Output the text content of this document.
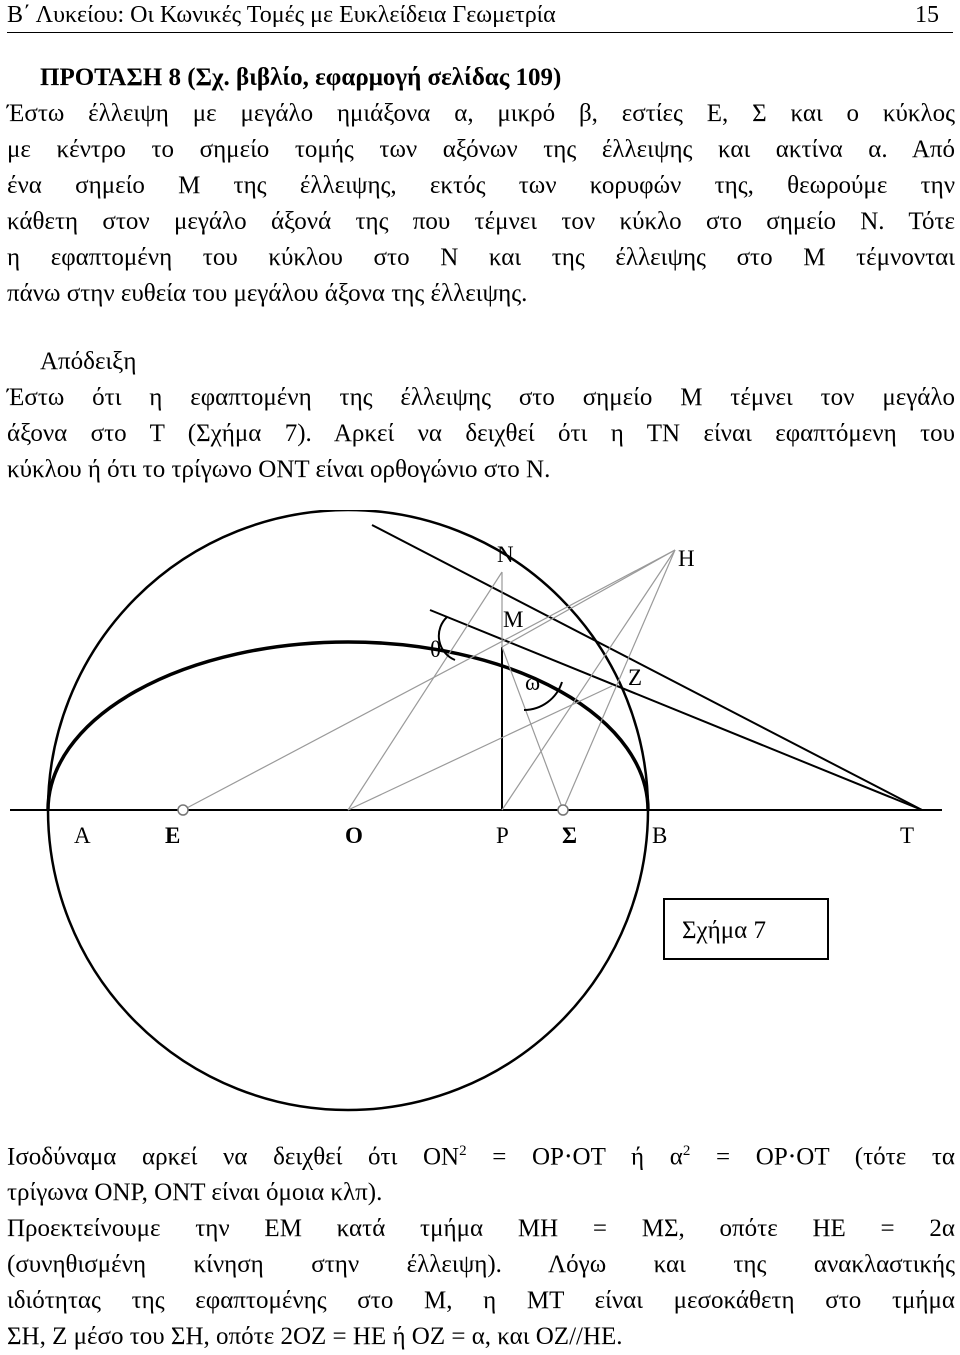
Β΄ Λυκείου: Οι Κωνικές Τομές με Ευκλείδεια Γεωμετρία	15

ΠΡΟΤΑΣΗ 8 (Σχ. βιβλίο, εφαρμογή σελίδας 109)

Έστω έλλειψη με μεγάλο ημιάξονα α, μικρό β, εστίες Ε, Σ και ο κύκλος
με κέντρο το σημείο τομής των αξόνων της έλλειψης και ακτίνα α. Από
ένα σημείο Μ της έλλειψης, εκτός των κορυφών της, θεωρούμε την
κάθετη στον μεγάλο άξονά της που τέμνει τον κύκλο στο σημείο Ν. Τότε
η εφαπτομένη του κύκλου στο Ν και της έλλειψης στο Μ τέμνονται
πάνω στην ευθεία του μεγάλου άξονα της έλλειψης.

Απόδειξη

Έστω ότι η εφαπτομένη της έλλειψης στο σημείο Μ τέμνει τον μεγάλο
άξονα στο Τ (Σχήμα 7). Αρκεί να δειχθεί ότι η ΤΝ είναι εφαπτόμενη του
κύκλου ή ότι το τρίγωνο ΟΝΤ είναι ορθογώνιο στο Ν.
Ν	Η
Μ
θ
ω	Ζ
Α	Ε	Ο	Ρ Σ	Β	Τ
Σχήμα 7
Ισοδύναμα αρκεί να δειχθεί ότι $ON^2 = OP\cdot OT$ ή $\alpha^2 = OP\cdot OT$ (τότε τα
τρίγωνα ΟΝΡ, ΟΝΤ είναι όμοια κλπ).
Προεκτείνουμε την ΕΜ κατά τμήμα ΜΗ = ΜΣ, οπότε ΗΕ = 2α
(συνηθισμένη κίνηση στην έλλειψη). Λόγω και της ανακλαστικής
ιδιότητας της εφαπτομένης στο Μ, η ΜΤ είναι μεσοκάθετη στο τμήμα
ΣΗ, Ζ μέσο του ΣΗ, οπότε 2ΟΖ = ΗΕ ή ΟΖ = α, και ΟΖ//ΗΕ.
